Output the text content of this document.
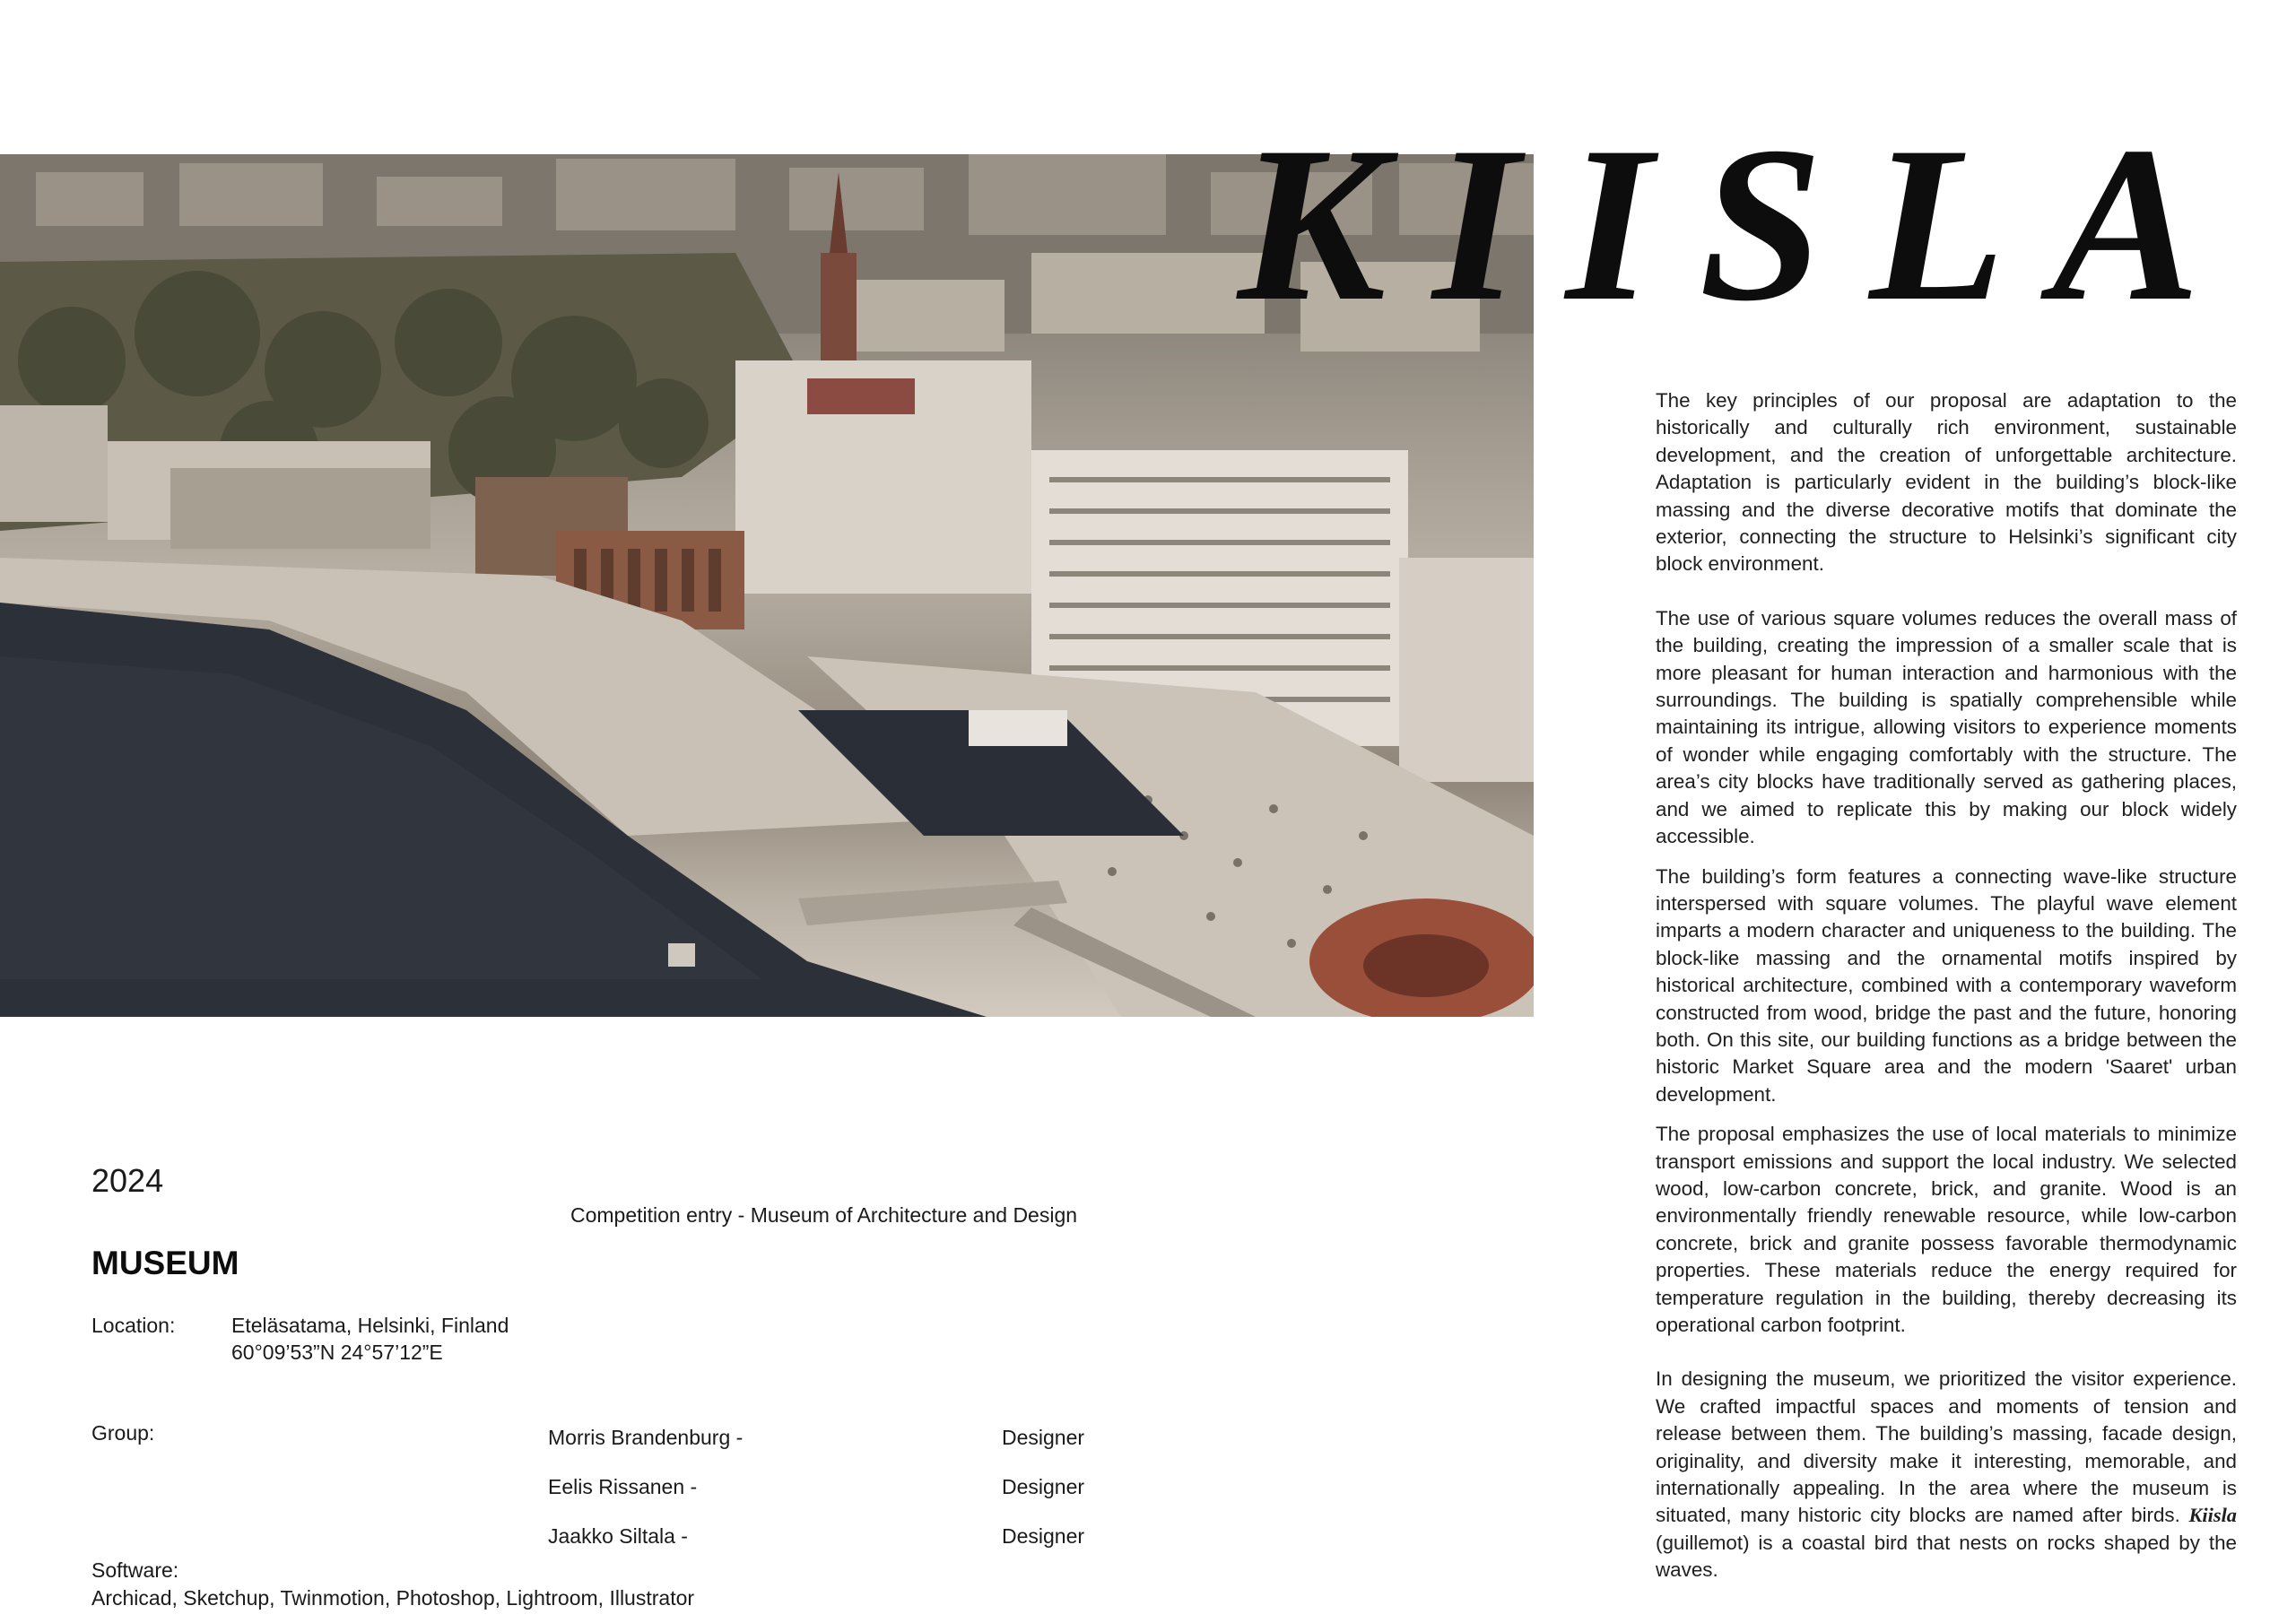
KIISLA

The key principles of our proposal are adaptation to the historically and culturally rich environment, sustainable development, and the creation of unforgettable architecture. Adaptation is particularly evident in the building’s block-like massing and the diverse decorative motifs that dominate the exterior, connecting the structure to Helsinki’s significant city block environment.

The use of various square volumes reduces the overall mass of the building, creating the impression of a smaller scale that is more pleasant for human interaction and harmonious with the surroundings. The building is spatially comprehensible while maintaining its intrigue, allowing visitors to experience moments of wonder while engaging comfortably with the structure. The area’s city blocks have traditionally served as gathering places, and we aimed to replicate this by making our block widely accessible.

The building’s form features a connecting wave-like structure interspersed with square volumes. The playful wave element imparts a modern character and uniqueness to the building. The block-like massing and the ornamental motifs inspired by historical architecture, combined with a contemporary waveform constructed from wood, bridge the past and the future, honoring both. On this site, our building functions as a bridge between the historic Market Square area and the modern 'Saaret' urban development.

The proposal emphasizes the use of local materials to minimize transport emissions and support the local industry. We selected wood, low-carbon concrete, brick, and granite. Wood is an environmentally friendly renewable resource, while low-carbon concrete, brick and granite possess favorable thermodynamic properties. These materials reduce the energy required for temperature regulation in the building, thereby decreasing its operational carbon footprint.

In designing the museum, we prioritized the visitor experience. We crafted impactful spaces and moments of tension and release between them. The building’s massing, facade design, originality, and diversity make it interesting, memorable, and internationally appealing. In the area where the museum is situated, many historic city blocks are named after birds. Kiisla (guillemot) is a coastal bird that nests on rocks shaped by the waves.

2024
Competition entry - Museum of Architecture and Design
MUSEUM
Location:	Eteläsatama, Helsinki, Finland
60°09’53”N 24°57’12”E
Group:	Morris Brandenburg -	Designer
Eelis Rissanen -	Designer
Jaakko Siltala -	Designer
Software:
Archicad, Sketchup, Twinmotion, Photoshop, Lightroom, Illustrator
